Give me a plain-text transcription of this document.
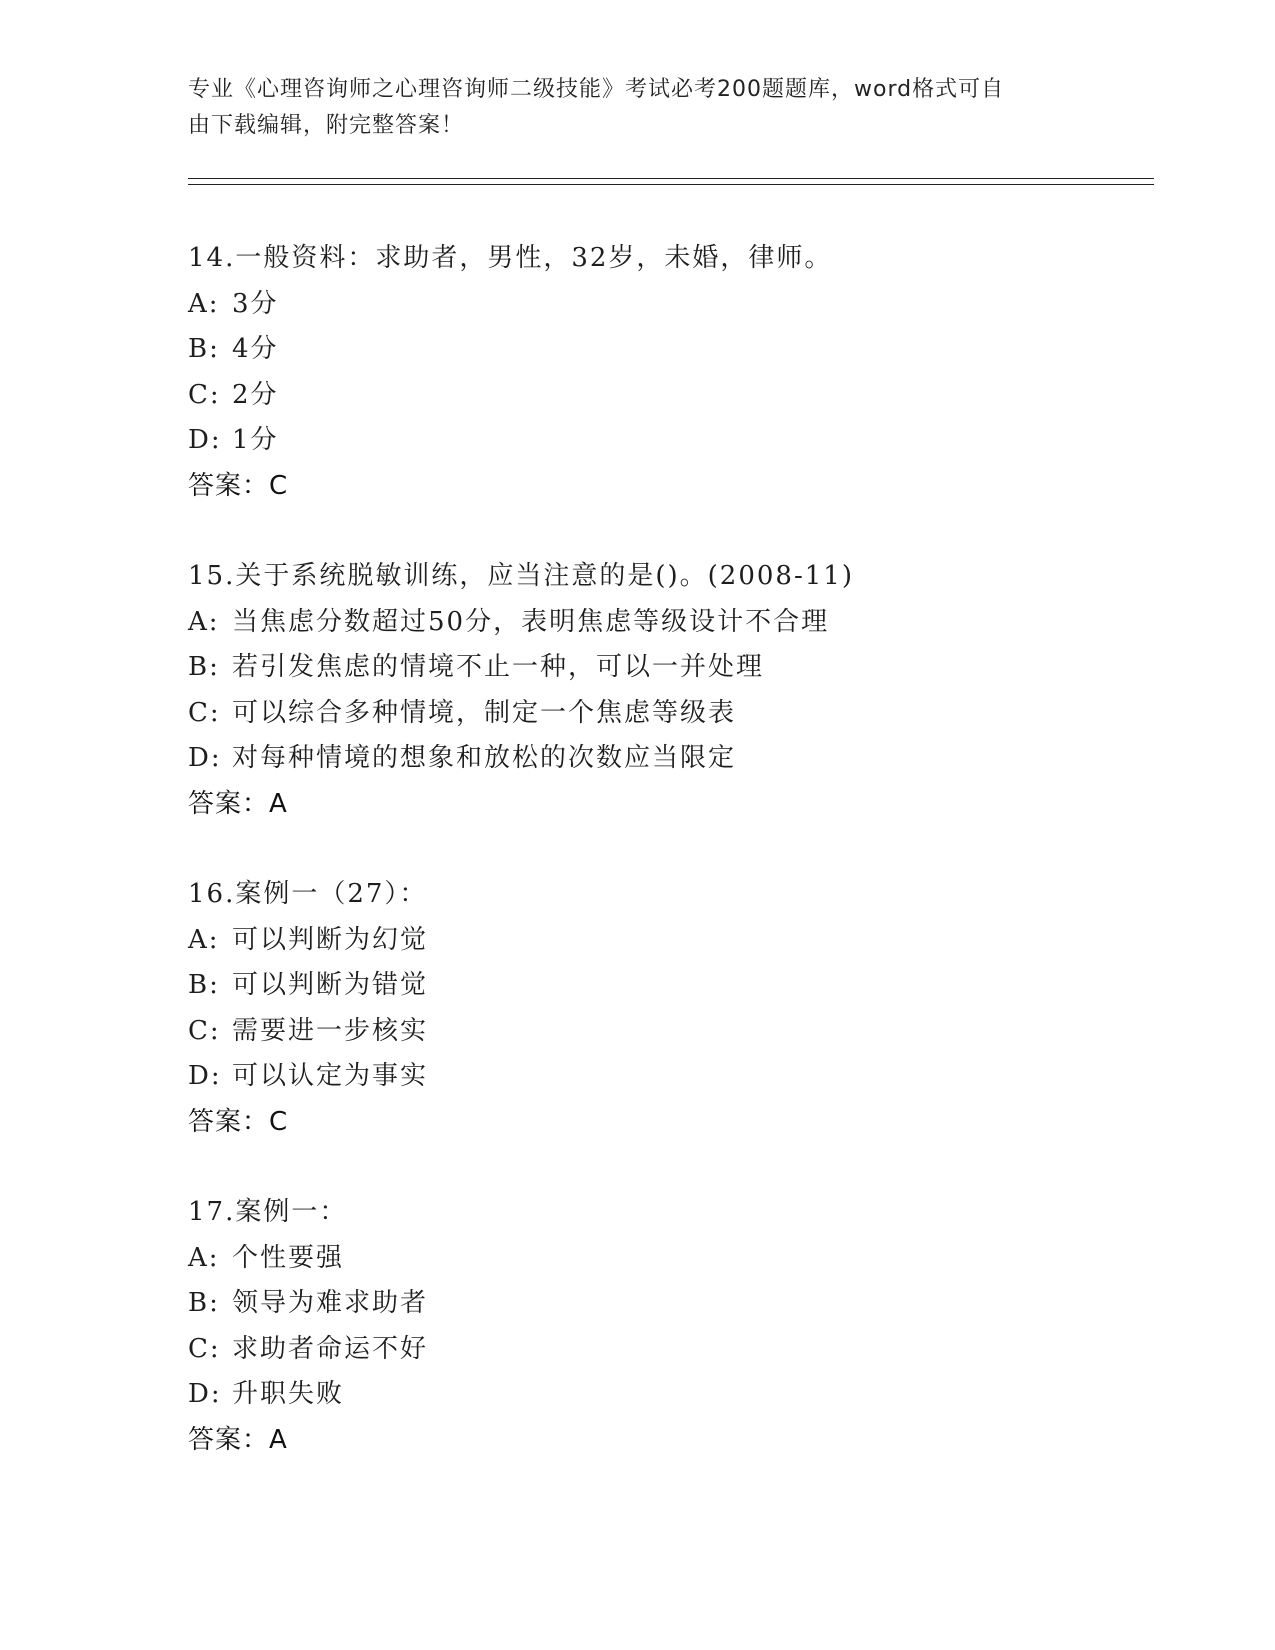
专业《心理咨询师之心理咨询师二级技能》考试必考200题题库，word格式可自
由下载编辑，附完整答案！
14.一般资料：求助者，男性，32岁，未婚，律师。
A: 3分
B: 4分
C: 2分
D: 1分
答案：C
15.关于系统脱敏训练，应当注意的是()。(2008-11)
A: 当焦虑分数超过50分，表明焦虑等级设计不合理
B: 若引发焦虑的情境不止一种，可以一并处理
C: 可以综合多种情境，制定一个焦虑等级表
D: 对每种情境的想象和放松的次数应当限定
答案：A
16.案例一（27）：
A: 可以判断为幻觉
B: 可以判断为错觉
C: 需要进一步核实
D: 可以认定为事实
答案：C
17.案例一：
A: 个性要强
B: 领导为难求助者
C: 求助者命运不好
D: 升职失败
答案：A
